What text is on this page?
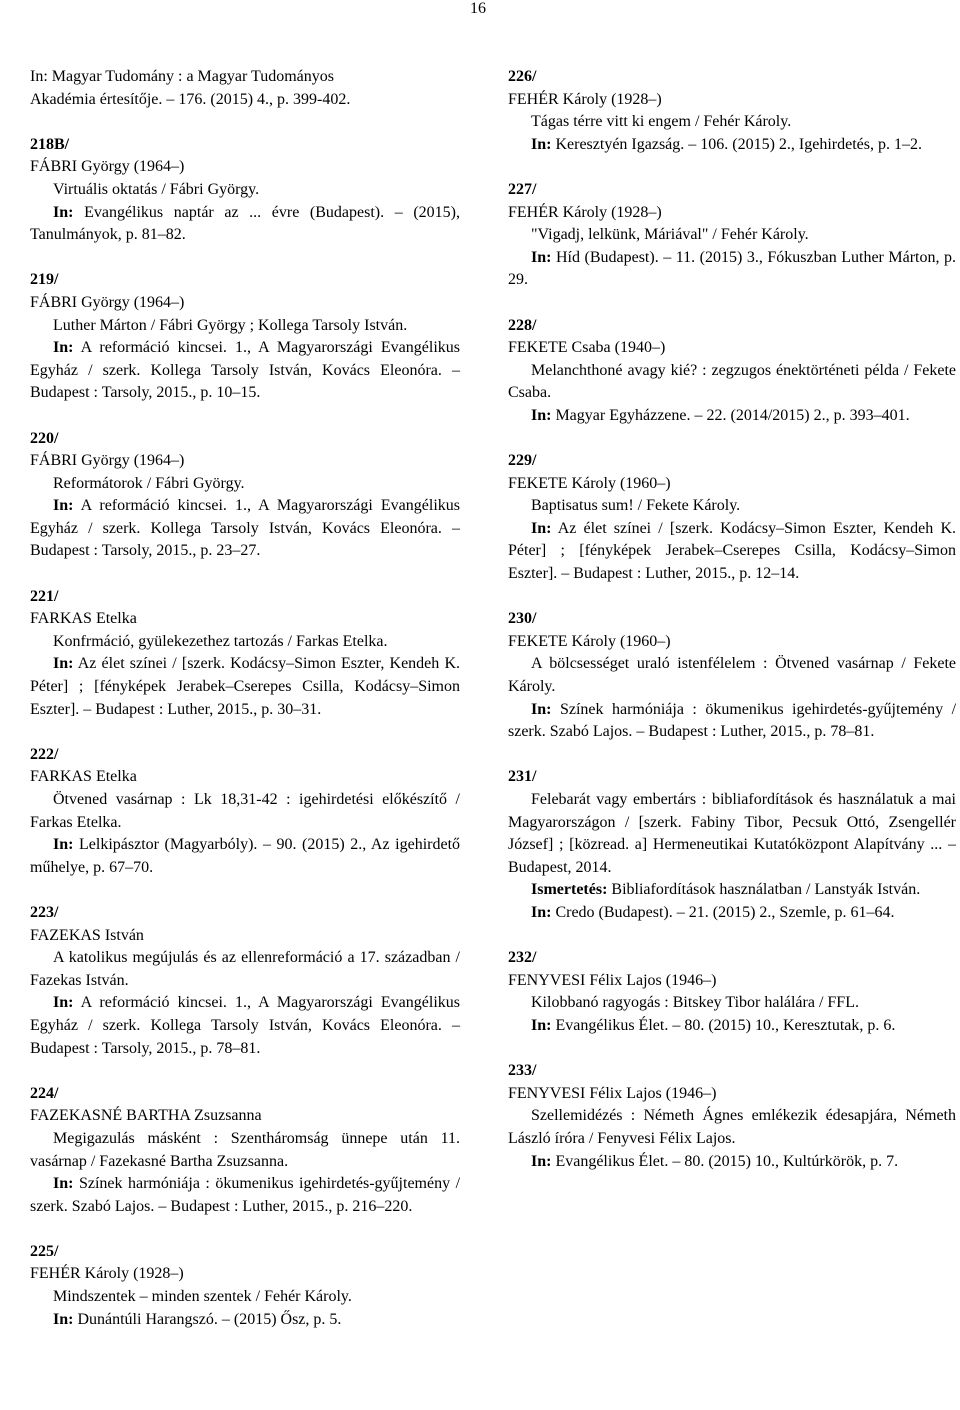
16

In: Magyar Tudomány : a Magyar Tudományos

Akadémia értesítője. – 176. (2015) 4., p. 399-402.

218B/

FÁBRI György (1964–)

Virtuális oktatás / Fábri György.

In: Evangélikus naptár az ... évre (Budapest). – (2015), Tanulmányok, p. 81–82.

219/

FÁBRI György (1964–)

Luther Márton / Fábri György ; Kollega Tarsoly István.

In: A reformáció kincsei. 1., A Magyarországi Evangélikus Egyház / szerk. Kollega Tarsoly István, Kovács Eleonóra. – Budapest : Tarsoly, 2015., p. 10–15.

220/

FÁBRI György (1964–)

Reformátorok / Fábri György.

In: A reformáció kincsei. 1., A Magyarországi Evangélikus Egyház / szerk. Kollega Tarsoly István, Kovács Eleonóra. – Budapest : Tarsoly, 2015., p. 23–27.

221/

FARKAS Etelka

Konfrmáció, gyülekezethez tartozás / Farkas Etelka.

In: Az élet színei / [szerk. Kodácsy–Simon Eszter, Kendeh K. Péter] ; [fényképek Jerabek–Cserepes Csilla, Kodácsy–Simon Eszter]. – Budapest : Luther, 2015., p. 30–31.

222/

FARKAS Etelka

Ötvened vasárnap : Lk 18,31-42 : igehirdetési előkészítő / Farkas Etelka.

In: Lelkipásztor (Magyarbóly). – 90. (2015) 2., Az igehirdető műhelye, p. 67–70.

223/

FAZEKAS István

A katolikus megújulás és az ellenreformáció a 17. században / Fazekas István.

In: A reformáció kincsei. 1., A Magyarországi Evangélikus Egyház / szerk. Kollega Tarsoly István, Kovács Eleonóra. – Budapest : Tarsoly, 2015., p. 78–81.

224/

FAZEKASNÉ BARTHA Zsuzsanna

Megigazulás másként : Szentháromság ünnepe után 11. vasárnap / Fazekasné Bartha Zsuzsanna.

In: Színek harmóniája : ökumenikus igehirdetés-gyűjtemény / szerk. Szabó Lajos. – Budapest : Luther, 2015., p. 216–220.

225/

FEHÉR Károly (1928–)

Mindszentek – minden szentek / Fehér Károly.

In: Dunántúli Harangszó. – (2015) Ősz, p. 5.

226/

FEHÉR Károly (1928–)

Tágas térre vitt ki engem / Fehér Károly.

In: Keresztyén Igazság. – 106. (2015) 2., Igehirdetés, p. 1–2.

227/

FEHÉR Károly (1928–)

"Vigadj, lelkünk, Máriával" / Fehér Károly.

In: Híd (Budapest). – 11. (2015) 3., Fókuszban Luther Márton, p. 29.

228/

FEKETE Csaba (1940–)

Melanchthoné avagy kié? : zegzugos énektörténeti példa / Fekete Csaba.

In: Magyar Egyházzene. – 22. (2014/2015) 2., p. 393–401.

229/

FEKETE Károly (1960–)

Baptisatus sum! / Fekete Károly.

In: Az élet színei / [szerk. Kodácsy–Simon Eszter, Kendeh K. Péter] ; [fényképek Jerabek–Cserepes Csilla, Kodácsy–Simon Eszter]. – Budapest : Luther, 2015., p. 12–14.

230/

FEKETE Károly (1960–)

A bölcsességet uraló istenfélelem : Ötvened vasárnap / Fekete Károly.

In: Színek harmóniája : ökumenikus igehirdetés-gyűjtemény / szerk. Szabó Lajos. – Budapest : Luther, 2015., p. 78–81.

231/

Felebarát vagy embertárs : bibliafordítások és használatuk a mai Magyarországon / [szerk. Fabiny Tibor, Pecsuk Ottó, Zsengellér József] ; [közread. a] Hermeneutikai Kutatóközpont Alapítvány ... – Budapest, 2014.

Ismertetés: Bibliafordítások használatban / Lanstyák István.

In: Credo (Budapest). – 21. (2015) 2., Szemle, p. 61–64.

232/

FENYVESI Félix Lajos (1946–)

Kilobbanó ragyogás : Bitskey Tibor halálára / FFL.

In: Evangélikus Élet. – 80. (2015) 10., Keresztutak, p. 6.

233/

FENYVESI Félix Lajos (1946–)

Szellemidézés : Németh Ágnes emlékezik édesapjára, Németh László íróra / Fenyvesi Félix Lajos.

In: Evangélikus Élet. – 80. (2015) 10., Kultúrkörök, p. 7.
